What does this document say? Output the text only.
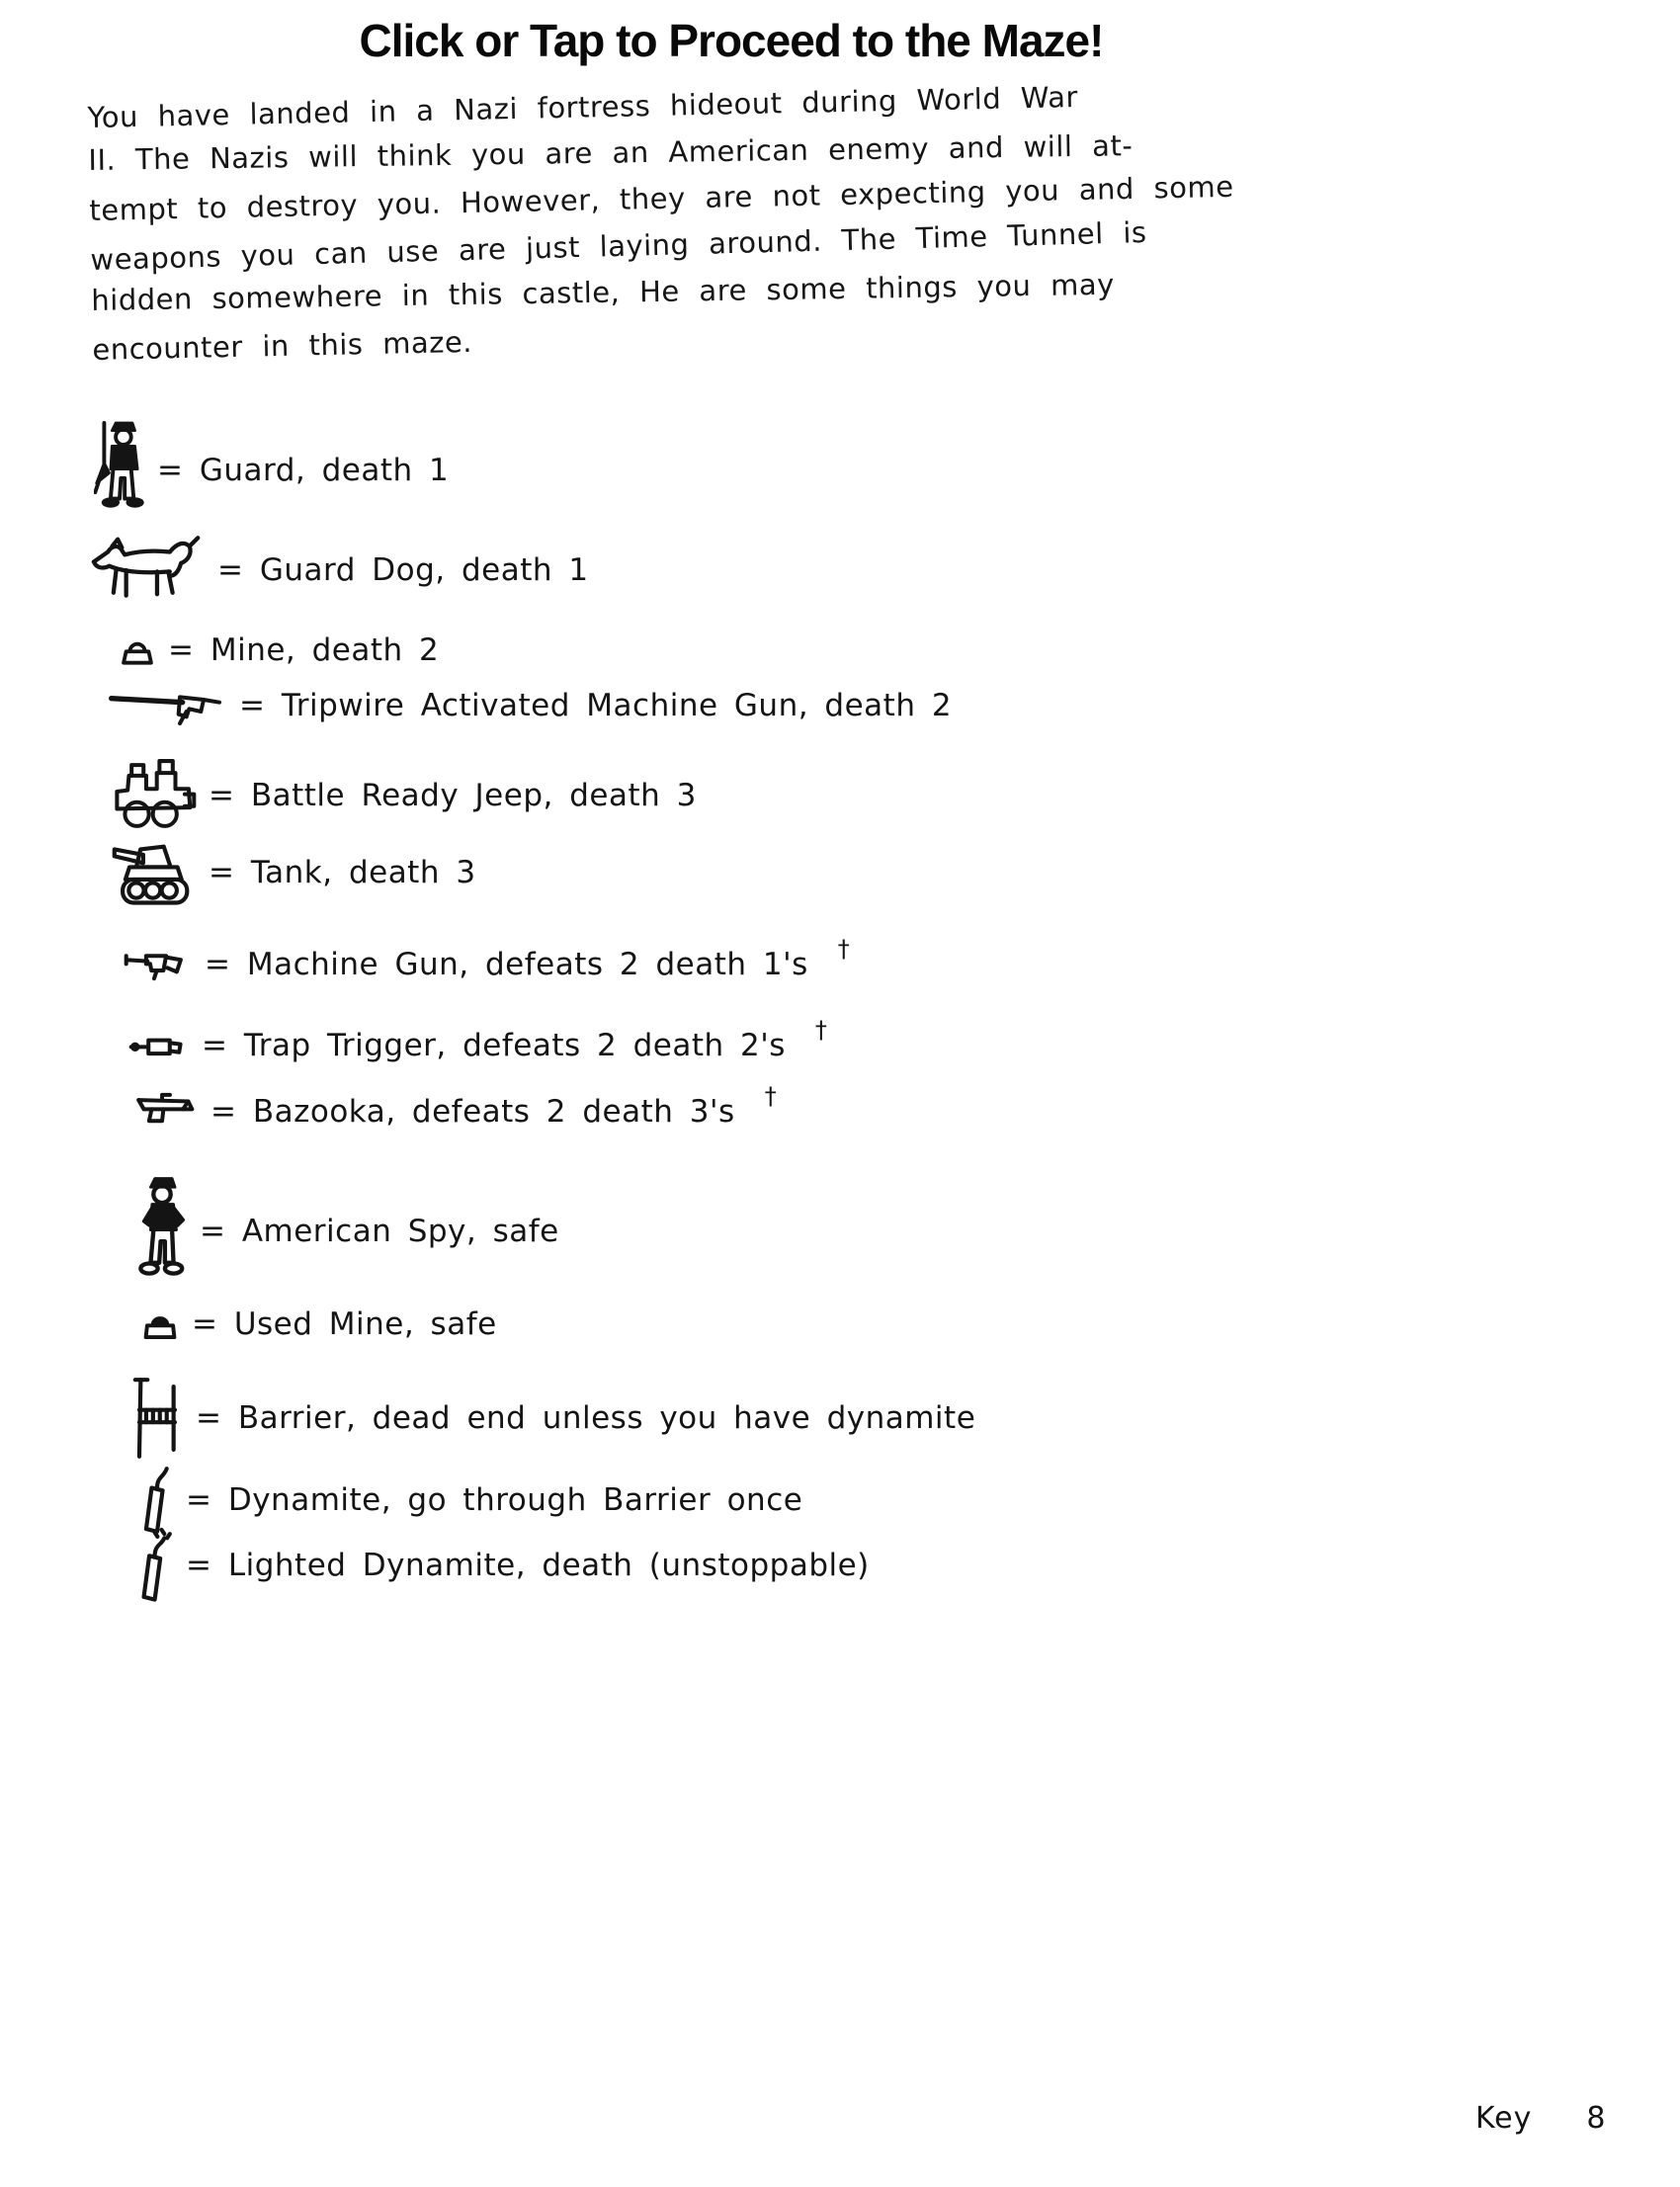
Click or Tap to Proceed to the Maze!
You have landed in a Nazi fortress hideout during World War
II. The Nazis will think you are an American enemy and will at-
tempt to destroy you. However, they are not expecting you and some
weapons you can use are just laying around. The Time Tunnel is
hidden somewhere in this castle, He are some things you may
encounter in this maze.
= Guard, death 1
= Guard Dog, death 1
= Mine, death 2
= Tripwire Activated Machine Gun, death 2
= Battle Ready Jeep, death 3
= Tank, death 3
= Machine Gun, defeats 2 death 1's †
= Trap Trigger, defeats 2 death 2's †
= Bazooka, defeats 2 death 3's †
= American Spy, safe
= Used Mine, safe
= Barrier, dead end unless you have dynamite
= Dynamite, go through Barrier once
= Lighted Dynamite, death (unstoppable)
Key 8
